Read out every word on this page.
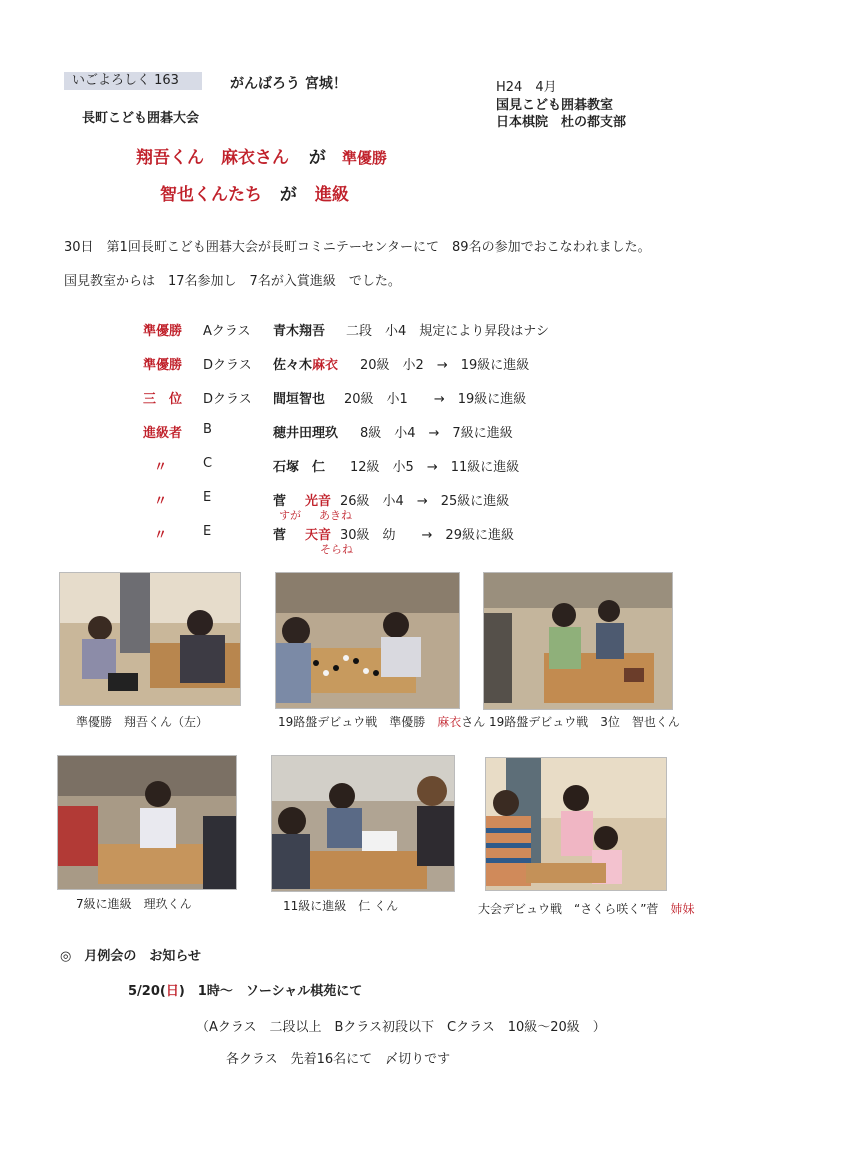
いごよろしく 163	がんばろう 宮城！	H24　4月
国見こども囲碁教室
日本棋院　杜の都支部
長町こども囲碁大会
翔吾くん　麻衣さん が 準優勝
智也くんたち が 進級
30日　第1回長町こども囲碁大会が長町コミニテーセンターにて　89名の参加でおこなわれました。
国見教室からは　17名参加し　7名が入賞進級　でした。
準優勝 Aクラス 青木翔吾 二段　小4　規定により昇段はナシ
準優勝 Dクラス 佐々木麻衣 20級　小2　→　19級に進級
三　位 Dクラス 間垣智也 20級　小1　　→　19級に進級
進級者 B	穂井田理玖 8級　小4　→　7級に進級
〃	C	石塚　仁 12級　小5　→　11級に進級
〃	E	菅　光音 26級　小4　→　25級に進級
すが あきね
〃	E	菅　天音 30級　幼　　→　29級に進級
そらね
準優勝　翔吾くん（左）	19路盤デビュウ戦　準優勝　麻衣さん 19路盤デビュウ戦　3位　智也くん
7級に進級　理玖くん	11級に進級　仁 くん	大会デビュウ戦　“さくら咲く”菅　姉妹
◎　月例会の　お知らせ
5/20(日)　1時～　ソーシャル棋苑にて
（Aクラス　二段以上　Bクラス初段以下　Cクラス　10級～20級　）
各クラス　先着16名にて　〆切りです
